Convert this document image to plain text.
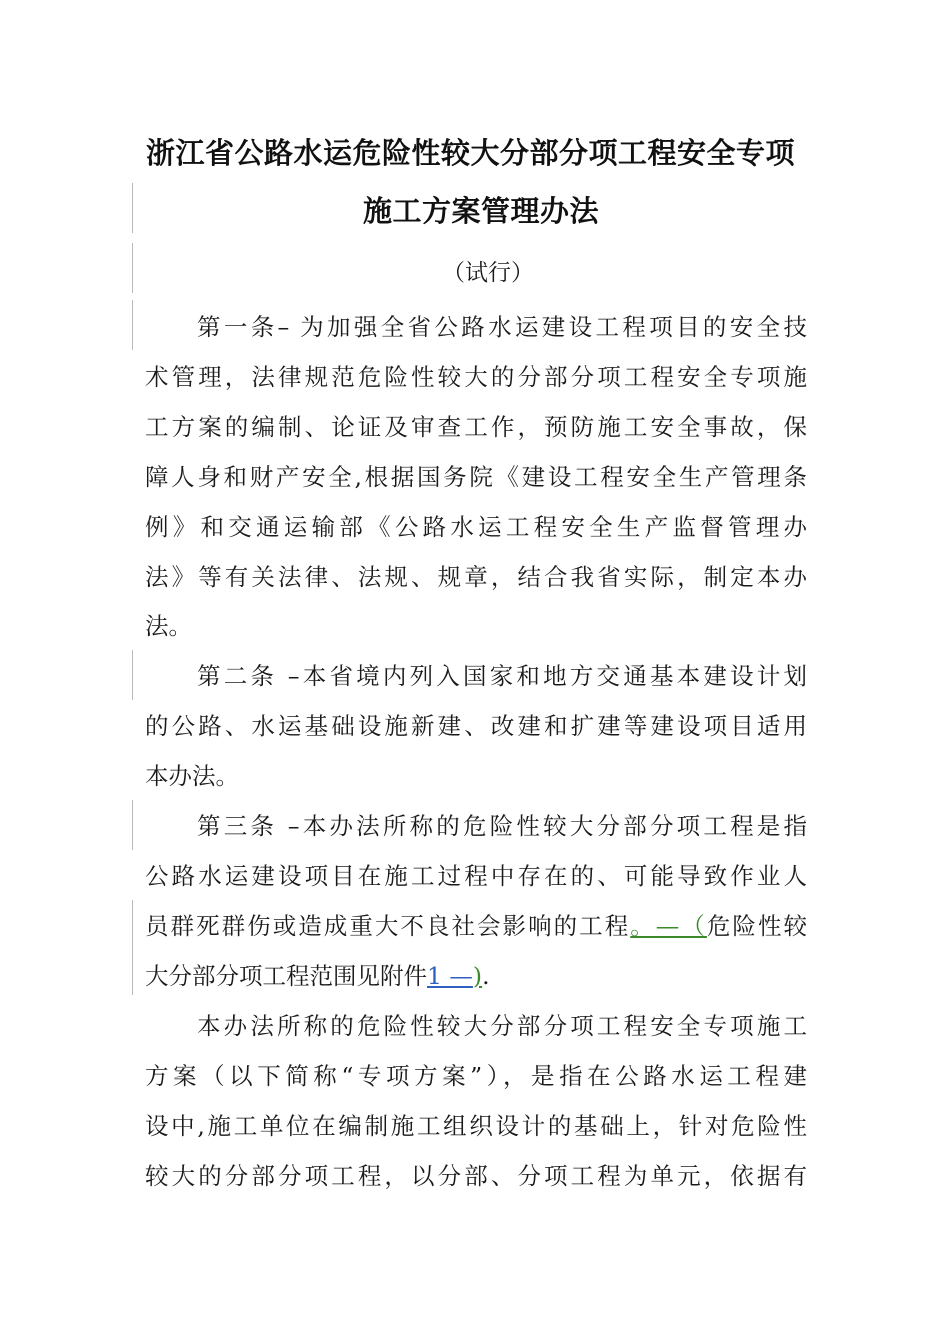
浙江省公路水运危险性较大分部分项工程安全专项
施工方案管理办法
（试行）
第一条– 为加强全省公路水运建设工程项目的安全技
术管理，法律规范危险性较大的分部分项工程安全专项施
工方案的编制、论证及审查工作，预防施工安全事故，保
障人身和财产安全,根据国务院《建设工程安全生产管理条
例》和交通运输部《公路水运工程安全生产监督管理办
法》等有关法律、法规、规章，结合我省实际，制定本办
法。
第二条 –本省境内列入国家和地方交通基本建设计划
的公路、水运基础设施新建、改建和扩建等建设项目适用
本办法。
第三条 –本办法所称的危险性较大分部分项工程是指
公路水运建设项目在施工过程中存在的、可能导致作业人
员群死群伤或造成重大不良社会影响的工程。—（危险性较
大分部分项工程范围见附件1 —).
本办法所称的危险性较大分部分项工程安全专项施工
方案（以下简称“专项方案”），是指在公路水运工程建
设中,施工单位在编制施工组织设计的基础上，针对危险性
较大的分部分项工程，以分部、分项工程为单元，依据有
